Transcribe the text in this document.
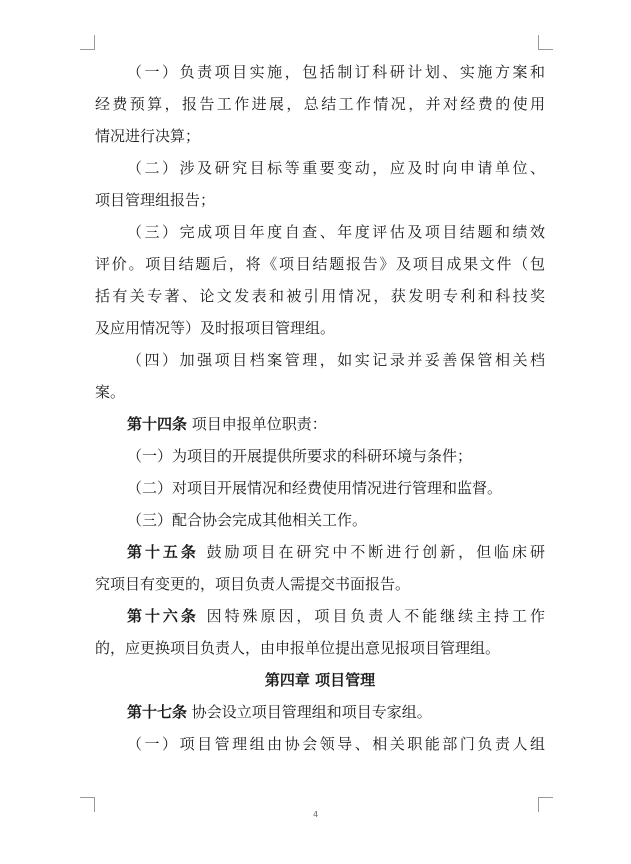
（一）负责项目实施，包括制订科研计划、实施方案和
经费预算，报告工作进展，总结工作情况，并对经费的使用
情况进行决算；
（二）涉及研究目标等重要变动，应及时向申请单位、
项目管理组报告；
（三）完成项目年度自查、年度评估及项目结题和绩效
评价。项目结题后，将《项目结题报告》及项目成果文件（包
括有关专著、论文发表和被引用情况，获发明专利和科技奖
及应用情况等）及时报项目管理组。
（四）加强项目档案管理，如实记录并妥善保管相关档
案。
第十四条 项目申报单位职责：
（一）为项目的开展提供所要求的科研环境与条件；
（二）对项目开展情况和经费使用情况进行管理和监督。
（三）配合协会完成其他相关工作。
第十五条 鼓励项目在研究中不断进行创新，但临床研
究项目有变更的，项目负责人需提交书面报告。
第十六条 因特殊原因，项目负责人不能继续主持工作
的，应更换项目负责人，由申报单位提出意见报项目管理组。
第四章 项目管理
第十七条 协会设立项目管理组和项目专家组。
（一）项目管理组由协会领导、相关职能部门负责人组
4
